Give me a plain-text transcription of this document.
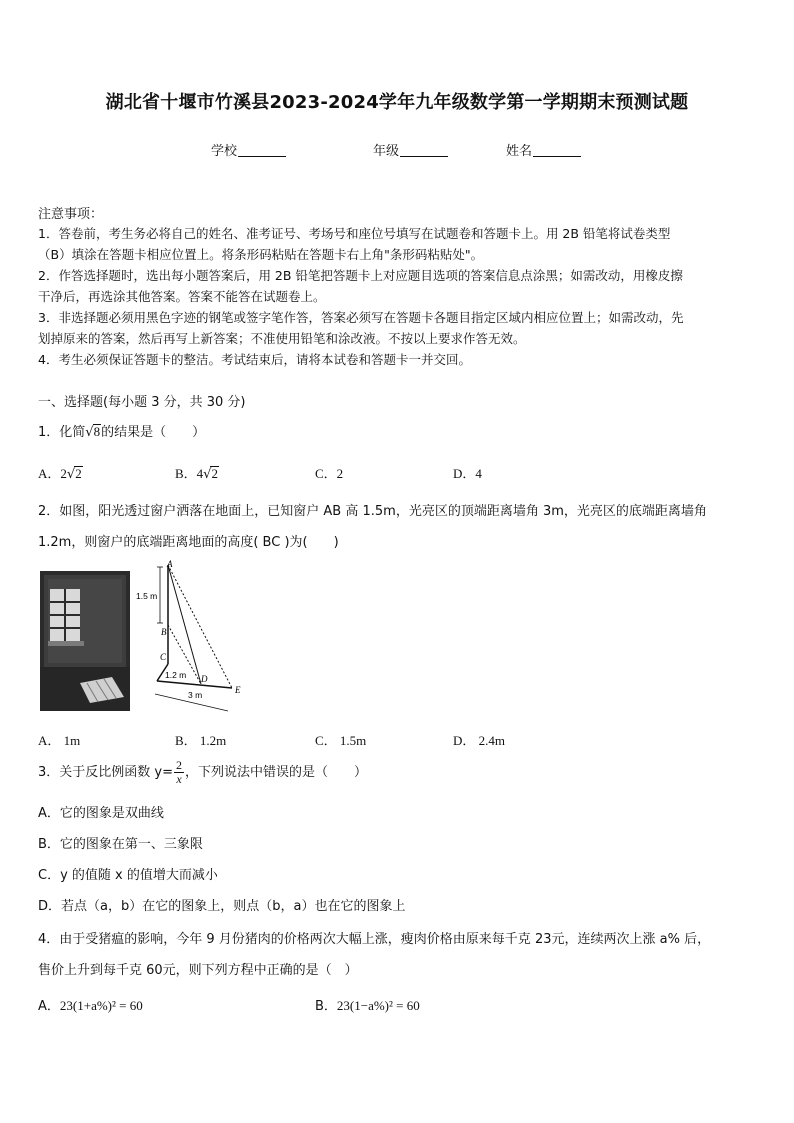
湖北省十堰市竹溪县2023-2024学年九年级数学第一学期期末预测试题
学校	年级	姓名
注意事项：
1．答卷前，考生务必将自己的姓名、准考证号、考场号和座位号填写在试题卷和答题卡上。用 2B 铅笔将试卷类型
（B）填涂在答题卡相应位置上。将条形码粘贴在答题卡右上角"条形码粘贴处"。
2．作答选择题时，选出每小题答案后，用 2B 铅笔把答题卡上对应题目选项的答案信息点涂黑；如需改动，用橡皮擦
干净后，再选涂其他答案。答案不能答在试题卷上。
3．非选择题必须用黑色字迹的钢笔或签字笔作答，答案必须写在答题卡各题目指定区域内相应位置上；如需改动，先
划掉原来的答案，然后再写上新答案；不准使用铅笔和涂改液。不按以上要求作答无效。
4．考生必须保证答题卡的整洁。考试结束后，请将本试卷和答题卡一并交回。
一、选择题(每小题 3 分，共 30 分)
1．化简√8的结果是（　　）
A．2√2	B．4√2	C．2	D．4
2．如图，阳光透过窗户洒落在地面上，已知窗户 AB 高 1.5m，光亮区的顶端距离墙角 3m，光亮区的底端距离墙角
1.2m，则窗户的底端距离地面的高度( BC )为(　　)
A
1.5 m
B
C
D
E
1.2 m
3 m
A． 1m	B． 1.2m	C． 1.5m	D． 2.4m
3．关于反比例函数 $y= \frac{2}{x}$ ，下列说法中错误的是（　　）
A．它的图象是双曲线
B．它的图象在第一、三象限
C．y 的值随 x 的值增大而减小
D．若点（a，b）在它的图象上，则点（b，a）也在它的图象上
4．由于受猪瘟的影响，今年 9 月份猪肉的价格两次大幅上涨，瘦肉价格由原来每千克 23元，连续两次上涨 a% 后，
售价上升到每千克 60元，则下列方程中正确的是（　）
A．23(1+a%)² = 60	B．23(1−a%)² = 60
